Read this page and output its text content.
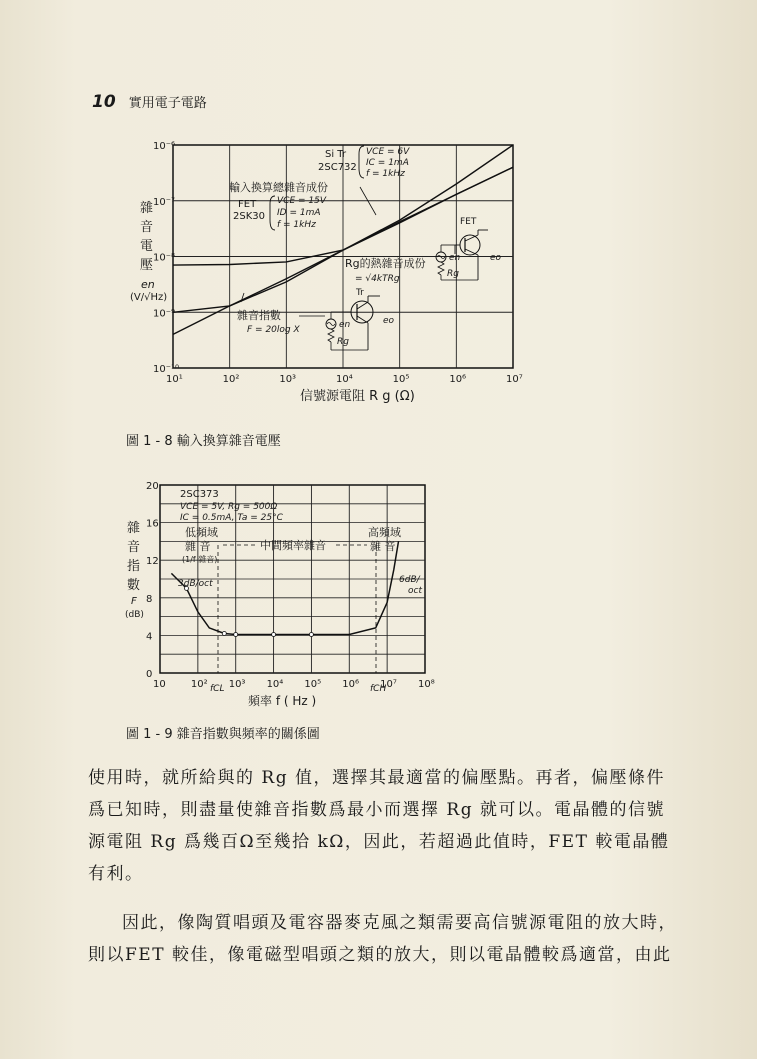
10 實用電子電路
雜
音
電
壓
en
(V/√Hz)
10¹	10²	10³	10⁴	10⁵	10⁶	10⁷
10⁻⁶
10⁻⁷
10⁻⁸
10⁻⁹
10⁻¹⁰
信號源電阻 R g (Ω)
Si Tr
2SC732
VCE = 6V
IC = 1mA
f = 1kHz
輸入換算總雜音成份
FET
2SK30
VCE = 15V
ID = 1mA
f = 1kHz
Rg的熱雜音成份
= √4kTRg
雜音指數
F = 20log X
FET
en
Rg
eo
Tr
en
Rg
eo
圖 1 - 8 輸入換算雜音電壓
雜
音
指
數
F
(dB)
10	10² 10³ 10⁴ 10⁵ 10⁶ 10⁷ 10⁸
0
4
8
12
16
20
2SC373
VCE = 5V, Rg = 500Ω
IC = 0.5mA, Ta = 25°C
低頻域
雜 音
(1/f 雜音)
中間頻率雜音
高頻域
雜 音
3dB/oct	6dB/
oct
fCL	fCH
頻率 f ( Hz )
圖 1 - 9 雜音指數與頻率的關係圖

使用時，就所給與的 Rg 值，選擇其最適當的偏壓點。再者，偏壓條件爲已知時，則盡量使雜音指數爲最小而選擇 Rg 就可以。電晶體的信號源電阻 Rg 爲幾百Ω至幾拾 kΩ，因此，若超過此值時，FET 較電晶體有利。

因此，像陶質唱頭及電容器麥克風之類需要高信號源電阻的放大時，則以FET 較佳，像電磁型唱頭之類的放大，則以電晶體較爲適當，由此
